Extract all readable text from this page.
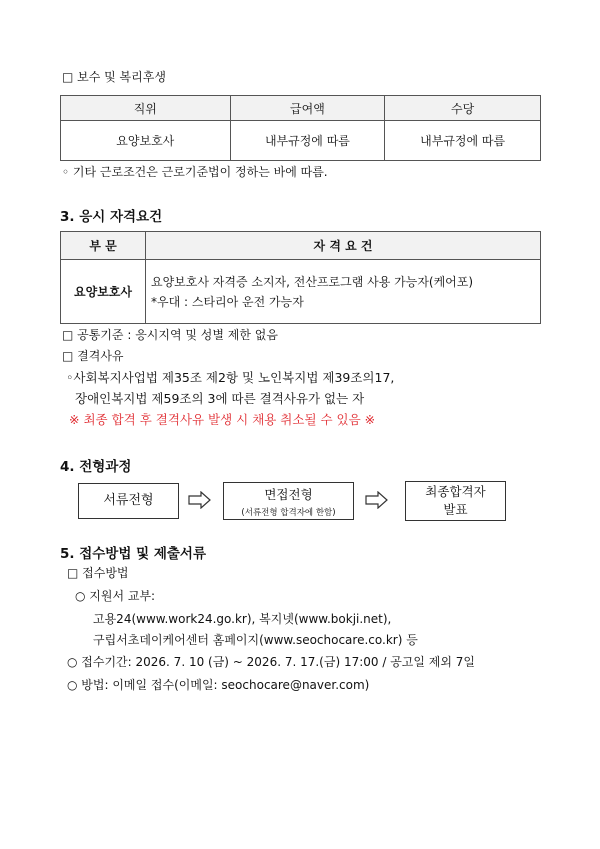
□ 보수 및 복리후생
직위	급여액	수당
요양보호사	내부규정에 따름	내부규정에 따름
◦ 기타 근로조건은 근로기준법이 정하는 바에 따름.
3. 응시 자격요건
부 문	자 격 요 건
요양보호사	요양보호사 자격증 소지자, 전산프로그램 사용 가능자(케어포)
*우대 : 스타리아 운전 가능자
□ 공통기준 : 응시지역 및 성별 제한 없음
□ 결격사유
◦사회복지사업법 제35조 제2항 및 노인복지법 제39조의17,
장애인복지법 제59조의 3에 따른 결격사유가 없는 자
※ 최종 합격 후 결격사유 발생 시 채용 취소될 수 있음 ※
4. 전형과정
서류전형	면접전형
(서류전형 합격자에 한함)
최종합격자
발표
5. 접수방법 및 제출서류
□ 접수방법
○ 지원서 교부:
고용24(www.work24.go.kr), 복지넷(www.bokji.net),
구립서초데이케어센터 홈페이지(www.seochocare.co.kr) 등
○ 접수기간: 2026. 7. 10 (금) ~ 2026. 7. 17.(금) 17:00 / 공고일 제외 7일
○ 방법: 이메일 접수(이메일: seochocare@naver.com)
